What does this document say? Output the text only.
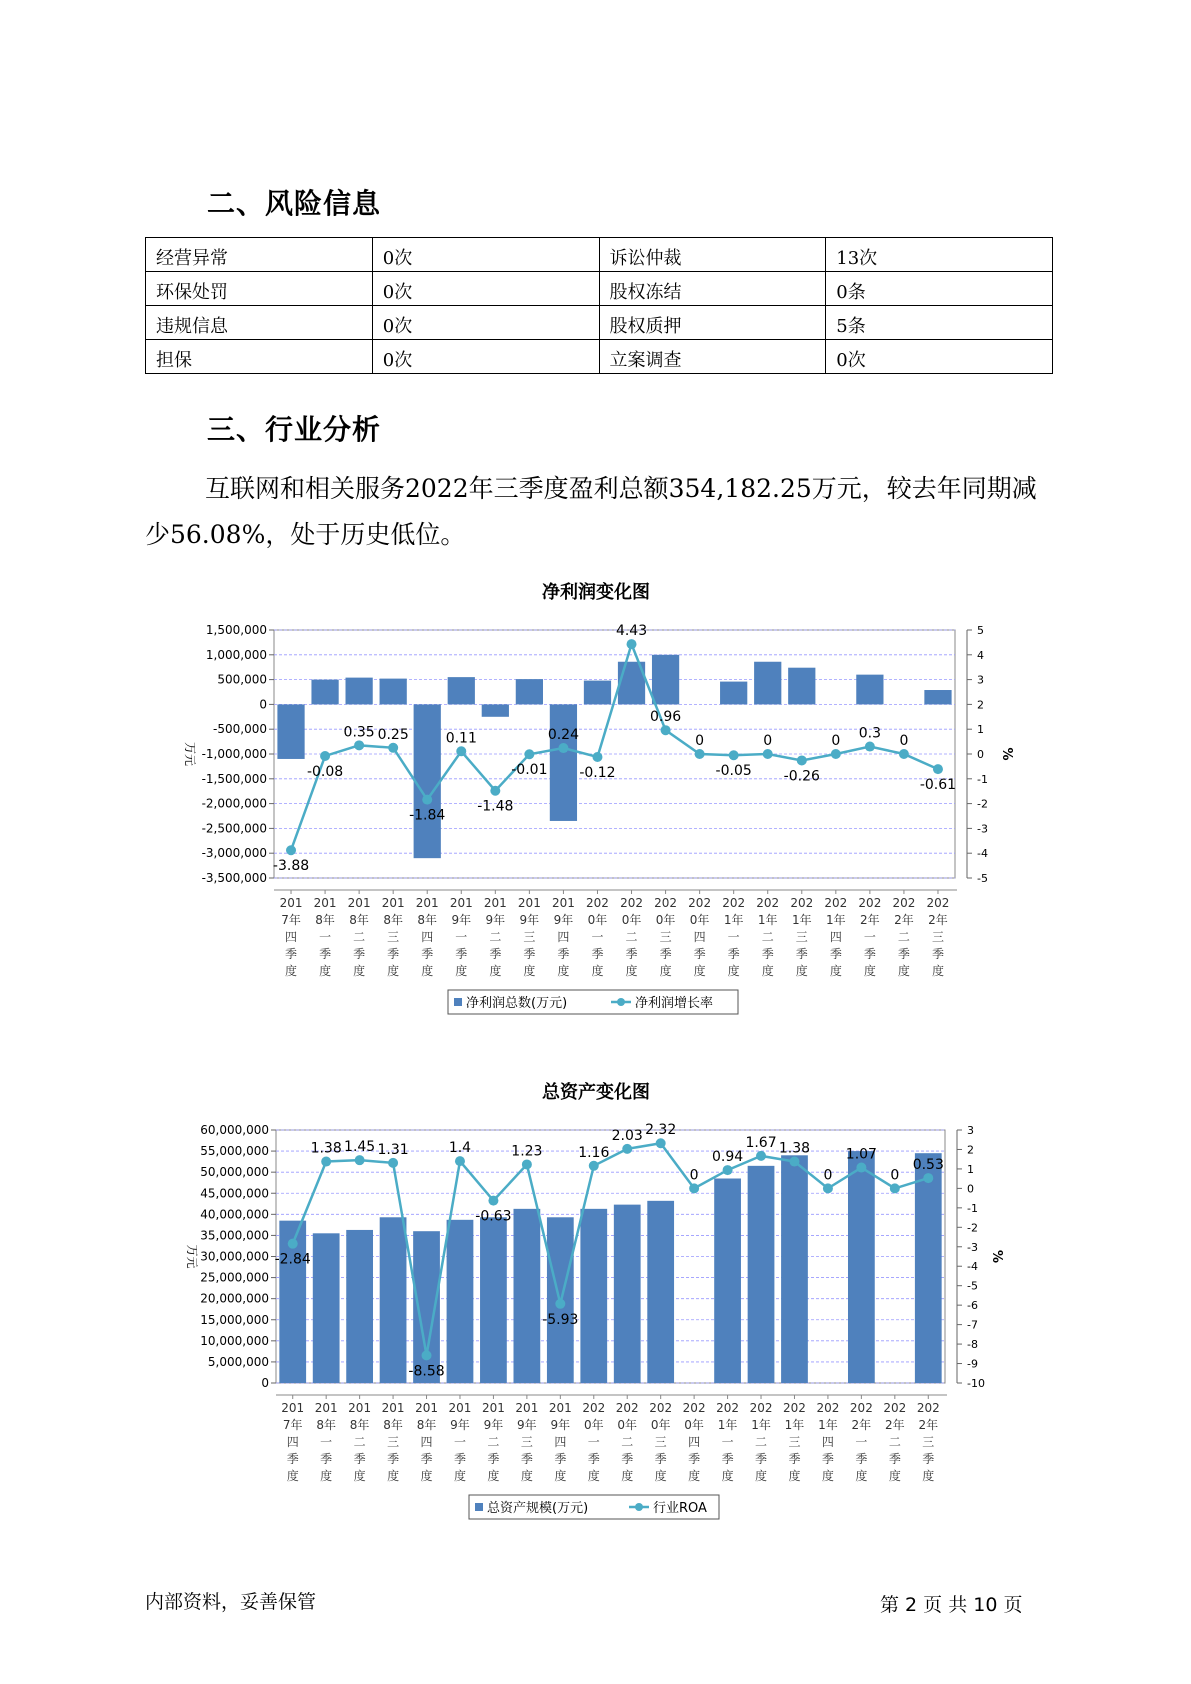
二、风险信息
经营异常	0次	诉讼仲裁	13次
环保处罚	0次	股权冻结	0条
违规信息	0次	股权质押	5条
担保	0次	立案调查	0次
三、行业分析
互联网和相关服务2022年三季度盈利总额354,182.25万元，较去年同期减少56.08%，处于历史低位。
净利润变化图
1,500,000
1,000,000
500,000
0
-500,000
-1,000,000
-1,500,000
-2,000,000
-2,500,000
-3,000,000
-3,500,000
5
4
3
2
1
0
-1
-2
-3
-4
-5
万元	%
-3.88
-0.08
0.35 0.25
-1.84
0.11
-1.48
-0.01
0.24
-0.12
4.43
0.96
0
-0.05
0
-0.26
0 0.3 0
-0.61
201
7年
四
季
度
201
8年
一
季
度
201
8年
二
季
度
201
8年
三
季
度
201
8年
四
季
度
201
9年
一
季
度
201
9年
二
季
度
201
9年
三
季
度
201
9年
四
季
度
202
0年
一
季
度
202
0年
二
季
度
202
0年
三
季
度
202
0年
四
季
度
202
1年
一
季
度
202
1年
二
季
度
202
1年
三
季
度
202
1年
四
季
度
202
2年
一
季
度
202
2年
二
季
度
202
2年
三
季
度
净利润总数(万元)	净利润增长率
总资产变化图
60,000,000
55,000,000
50,000,000
45,000,000
40,000,000
35,000,000
30,000,000
25,000,000
20,000,000
15,000,000
10,000,000
5,000,000
0
3
2
1
0
-1
-2
-3
-4
-5
-6
-7
-8
-9
-10
万元	%
-2.84
1.38 1.45 1.31
-8.58
1.4
-0.63
1.23
-5.93
1.16
2.03 2.32
0
0.94
1.67 1.38
0
1.07
0
0.53
201
7年
四
季
度
201
8年
一
季
度
201
8年
二
季
度
201
8年
三
季
度
201
8年
四
季
度
201
9年
一
季
度
201
9年
二
季
度
201
9年
三
季
度
201
9年
四
季
度
202
0年
一
季
度
202
0年
二
季
度
202
0年
三
季
度
202
0年
四
季
度
202
1年
一
季
度
202
1年
二
季
度
202
1年
三
季
度
202
1年
四
季
度
202
2年
一
季
度
202
2年
二
季
度
202
2年
三
季
度
总资产规模(万元)	行业ROA
内部资料，妥善保管	第 2 页 共 10 页
